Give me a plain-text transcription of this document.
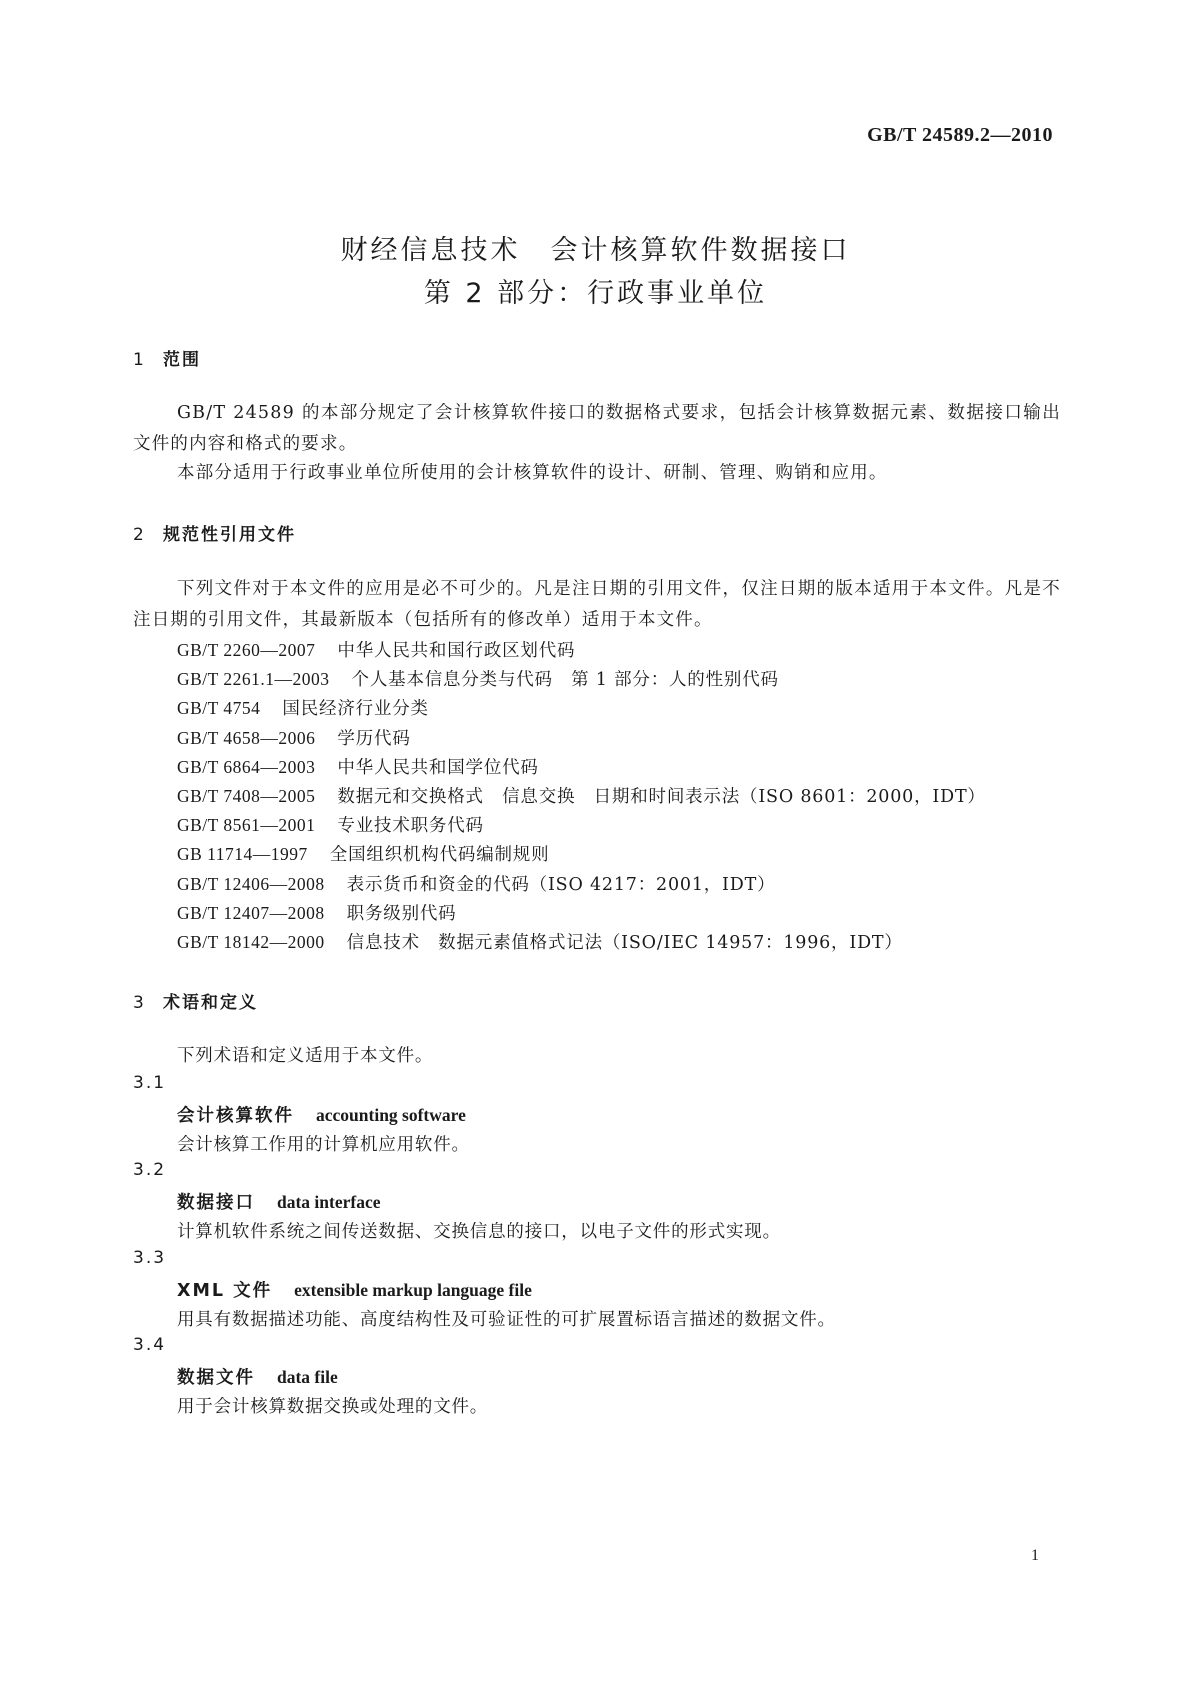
GB/T 24589.2—2010
财经信息技术　会计核算软件数据接口
第 2 部分：行政事业单位
1 范围
GB/T 24589 的本部分规定了会计核算软件接口的数据格式要求，包括会计核算数据元素、数据接口输出文件的内容和格式的要求。
本部分适用于行政事业单位所使用的会计核算软件的设计、研制、管理、购销和应用。
2 规范性引用文件
下列文件对于本文件的应用是必不可少的。凡是注日期的引用文件，仅注日期的版本适用于本文件。凡是不注日期的引用文件，其最新版本（包括所有的修改单）适用于本文件。
GB/T 2260—2007 中华人民共和国行政区划代码
GB/T 2261.1—2003 个人基本信息分类与代码　第 1 部分：人的性别代码
GB/T 4754 国民经济行业分类
GB/T 4658—2006 学历代码
GB/T 6864—2003 中华人民共和国学位代码
GB/T 7408—2005 数据元和交换格式　信息交换　日期和时间表示法（ISO 8601：2000，IDT）
GB/T 8561—2001 专业技术职务代码
GB 11714—1997 全国组织机构代码编制规则
GB/T 12406—2008 表示货币和资金的代码（ISO 4217：2001，IDT）
GB/T 12407—2008 职务级别代码
GB/T 18142—2000 信息技术　数据元素值格式记法（ISO/IEC 14957：1996，IDT）
3 术语和定义
下列术语和定义适用于本文件。
3.1
会计核算软件 accounting software
会计核算工作用的计算机应用软件。
3.2
数据接口 data interface
计算机软件系统之间传送数据、交换信息的接口，以电子文件的形式实现。
3.3
XML 文件 extensible markup language file
用具有数据描述功能、高度结构性及可验证性的可扩展置标语言描述的数据文件。
3.4
数据文件 data file
用于会计核算数据交换或处理的文件。
1
